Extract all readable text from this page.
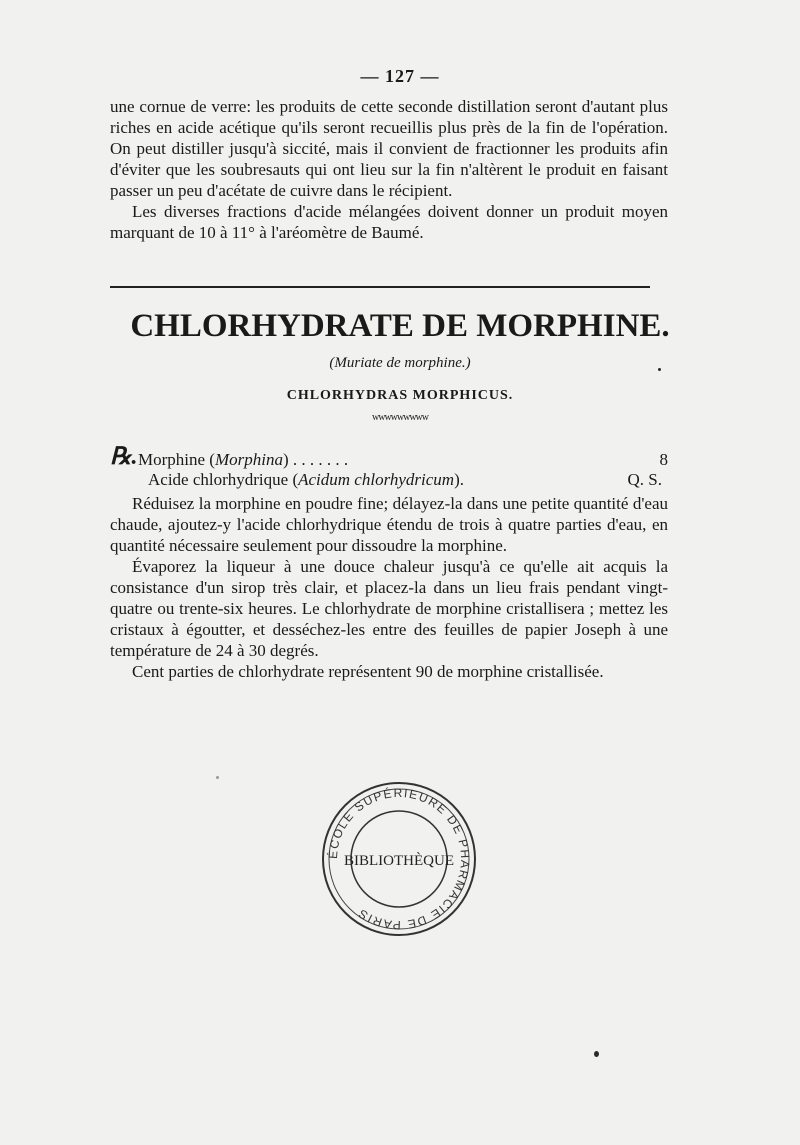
— 127 —

une cornue de verre: les produits de cette seconde distillation seront d'autant plus riches en acide acétique qu'ils seront recueillis plus près de la fin de l'opération. On peut distiller jusqu'à siccité, mais il convient de fractionner les produits afin d'éviter que les soubresauts qui ont lieu sur la fin n'altèrent le produit en faisant passer un peu d'acétate de cuivre dans le récipient.

Les diverses fractions d'acide mélangées doivent donner un produit moyen marquant de 10 à 11° à l'aréomètre de Baumé.

CHLORHYDRATE DE MORPHINE.
(Muriate de morphine.)
CHLORHYDRAS MORPHICUS.
ᴡᴡᴡᴡᴡᴡᴡᴡᴡ
℞. Morphine (Morphina) . . . . . . .	8
Acide chlorhydrique (Acidum chlorhydricum).	Q. S.

Réduisez la morphine en poudre fine; délayez-la dans une petite quantité d'eau chaude, ajoutez-y l'acide chlorhydrique étendu de trois à quatre parties d'eau, en quantité nécessaire seulement pour dissoudre la morphine.

Évaporez la liqueur à une douce chaleur jusqu'à ce qu'elle ait acquis la consistance d'un sirop très clair, et placez-la dans un lieu frais pendant vingt-quatre ou trente-six heures. Le chlorhydrate de morphine cristallisera ; mettez les cristaux à égoutter, et desséchez-les entre des feuilles de papier Joseph à une température de 24 à 30 degrés.

Cent parties de chlorhydrate représentent 90 de morphine cristallisée.

ÉCOLE SUPÉRIEURE DE PHARMACIE DE PARIS
BIBLIOTHÈQUE
